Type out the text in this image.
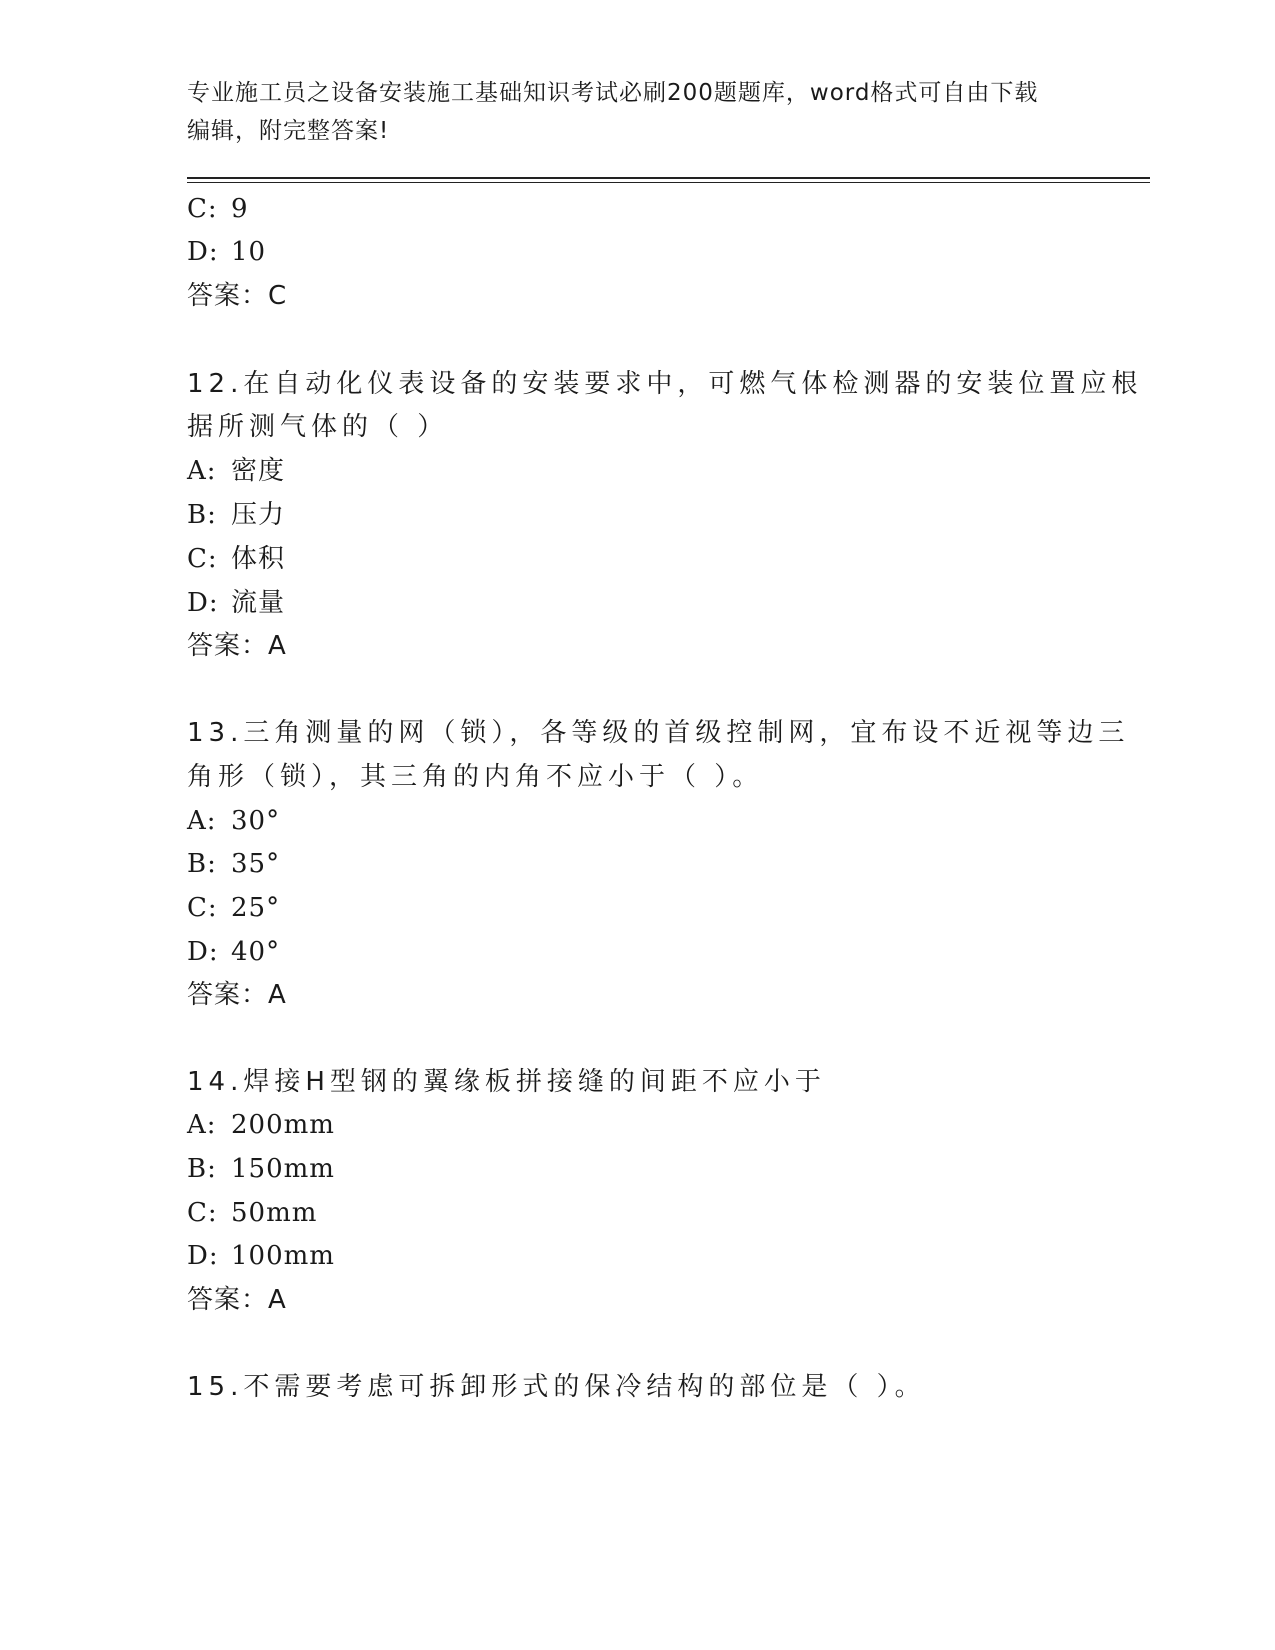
专业施工员之设备安装施工基础知识考试必刷200题题库，word格式可自由下载
编辑，附完整答案!
C: 9
D: 10
答案：C
12.在自动化仪表设备的安装要求中，可燃气体检测器的安装位置应根
据所测气体的（ ）
A: 密度
B: 压力
C: 体积
D: 流量
答案：A
13.三角测量的网（锁），各等级的首级控制网，宜布设不近视等边三
角形（锁），其三角的内角不应小于（ ）。
A: 30°
B: 35°
C: 25°
D: 40°
答案：A
14.焊接H型钢的翼缘板拼接缝的间距不应小于
A: 200mm
B: 150mm
C: 50mm
D: 100mm
答案：A
15.不需要考虑可拆卸形式的保冷结构的部位是（ ）。
